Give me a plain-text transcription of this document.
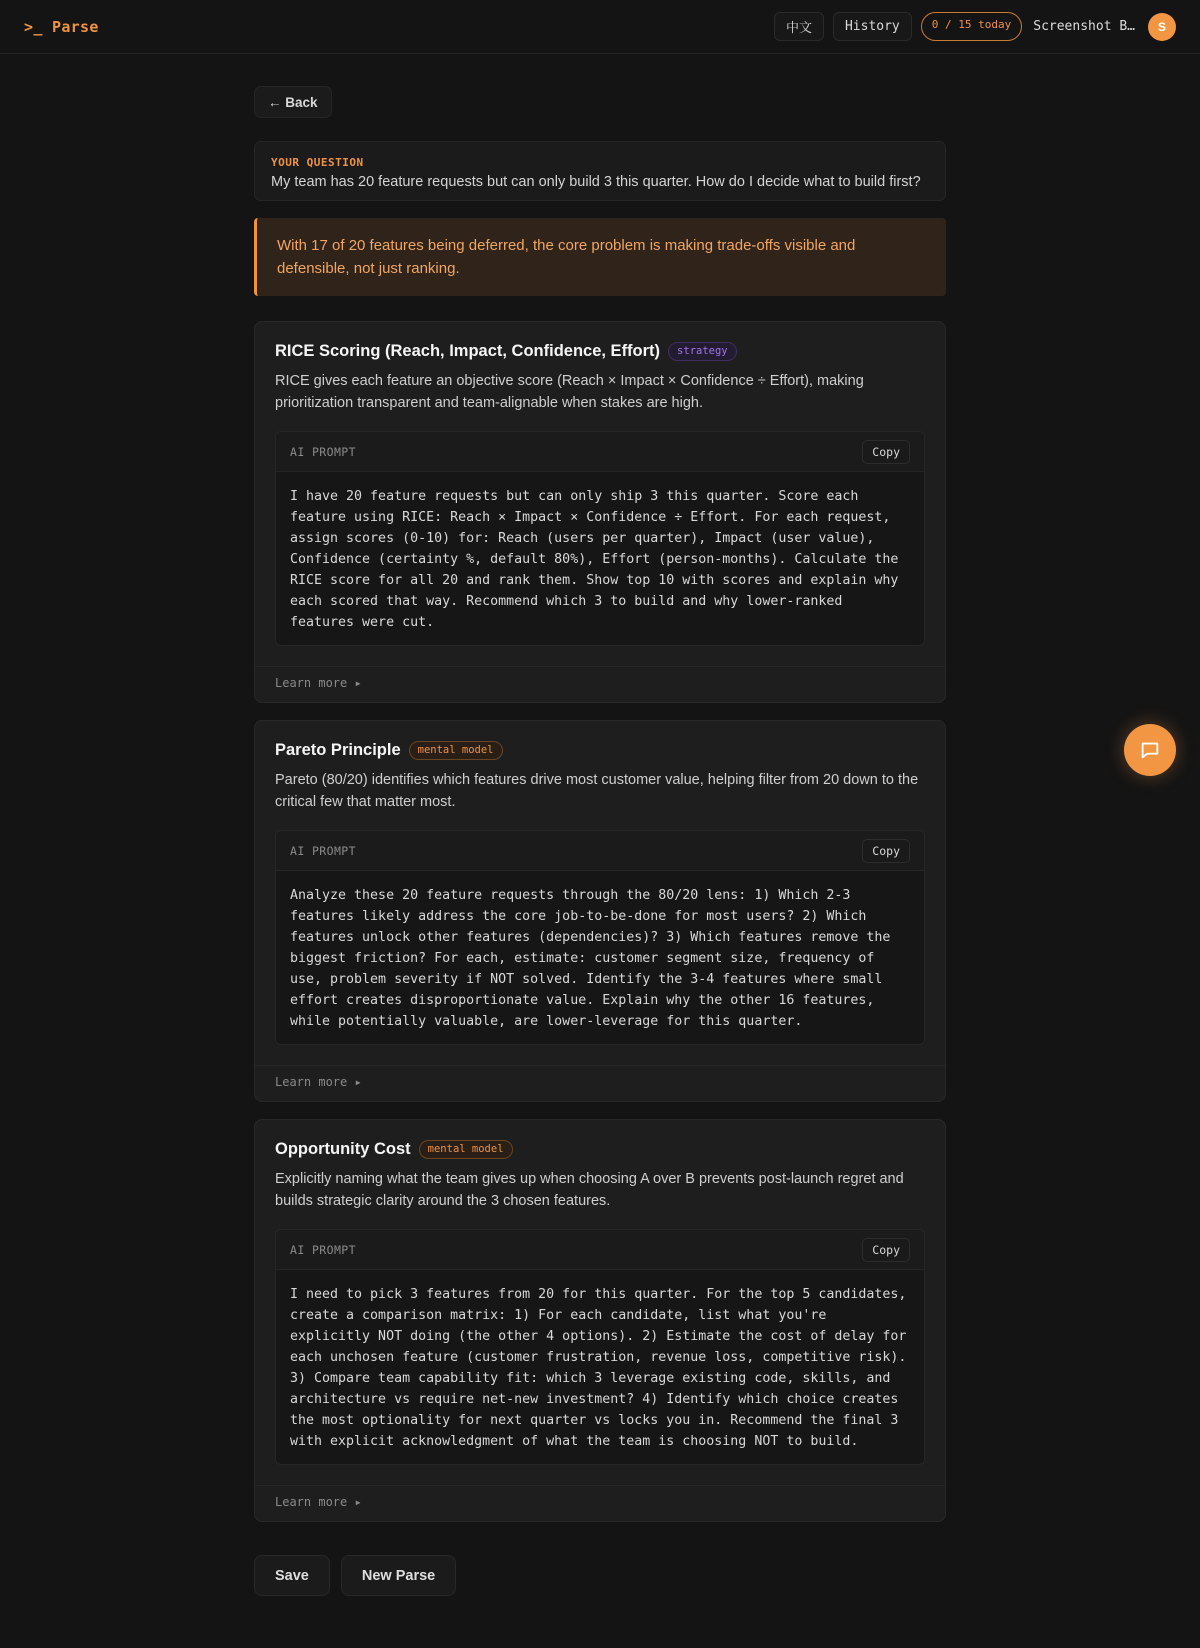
>_ Parse	中文	History	0 / 15 today	Screenshot B…	S
← Back
YOUR QUESTION
My team has 20 feature requests but can only build 3 this quarter. How do I decide what to build first?
With 17 of 20 features being deferred, the core problem is making trade-offs visible and defensible, not just ranking.
RICE Scoring (Reach, Impact, Confidence, Effort)	strategy

RICE gives each feature an objective score (Reach × Impact × Confidence ÷ Effort), making prioritization transparent and team-alignable when stakes are high.

AI PROMPT	Copy
I have 20 feature requests but can only ship 3 this quarter. Score each feature using RICE: Reach × Impact × Confidence ÷ Effort. For each request, assign scores (0-10) for: Reach (users per quarter), Impact (user value), Confidence (certainty %, default 80%), Effort (person-months). Calculate the RICE score for all 20 and rank them. Show top 10 with scores and explain why each scored that way. Recommend which 3 to build and why lower-ranked features were cut.
Learn more ▸
Pareto Principle	mental model

Pareto (80/20) identifies which features drive most customer value, helping filter from 20 down to the critical few that matter most.

AI PROMPT	Copy
Analyze these 20 feature requests through the 80/20 lens: 1) Which 2-3 features likely address the core job-to-be-done for most users? 2) Which features unlock other features (dependencies)? 3) Which features remove the biggest friction? For each, estimate: customer segment size, frequency of use, problem severity if NOT solved. Identify the 3-4 features where small effort creates disproportionate value. Explain why the other 16 features, while potentially valuable, are lower-leverage for this quarter.
Learn more ▸
Opportunity Cost	mental model

Explicitly naming what the team gives up when choosing A over B prevents post-launch regret and builds strategic clarity around the 3 chosen features.

AI PROMPT	Copy
I need to pick 3 features from 20 for this quarter. For the top 5 candidates, create a comparison matrix: 1) For each candidate, list what you're explicitly NOT doing (the other 4 options). 2) Estimate the cost of delay for each unchosen feature (customer frustration, revenue loss, competitive risk). 3) Compare team capability fit: which 3 leverage existing code, skills, and architecture vs require net-new investment? 4) Identify which choice creates the most optionality for next quarter vs locks you in. Recommend the final 3 with explicit acknowledgment of what the team is choosing NOT to build.
Learn more ▸
Save	New Parse
